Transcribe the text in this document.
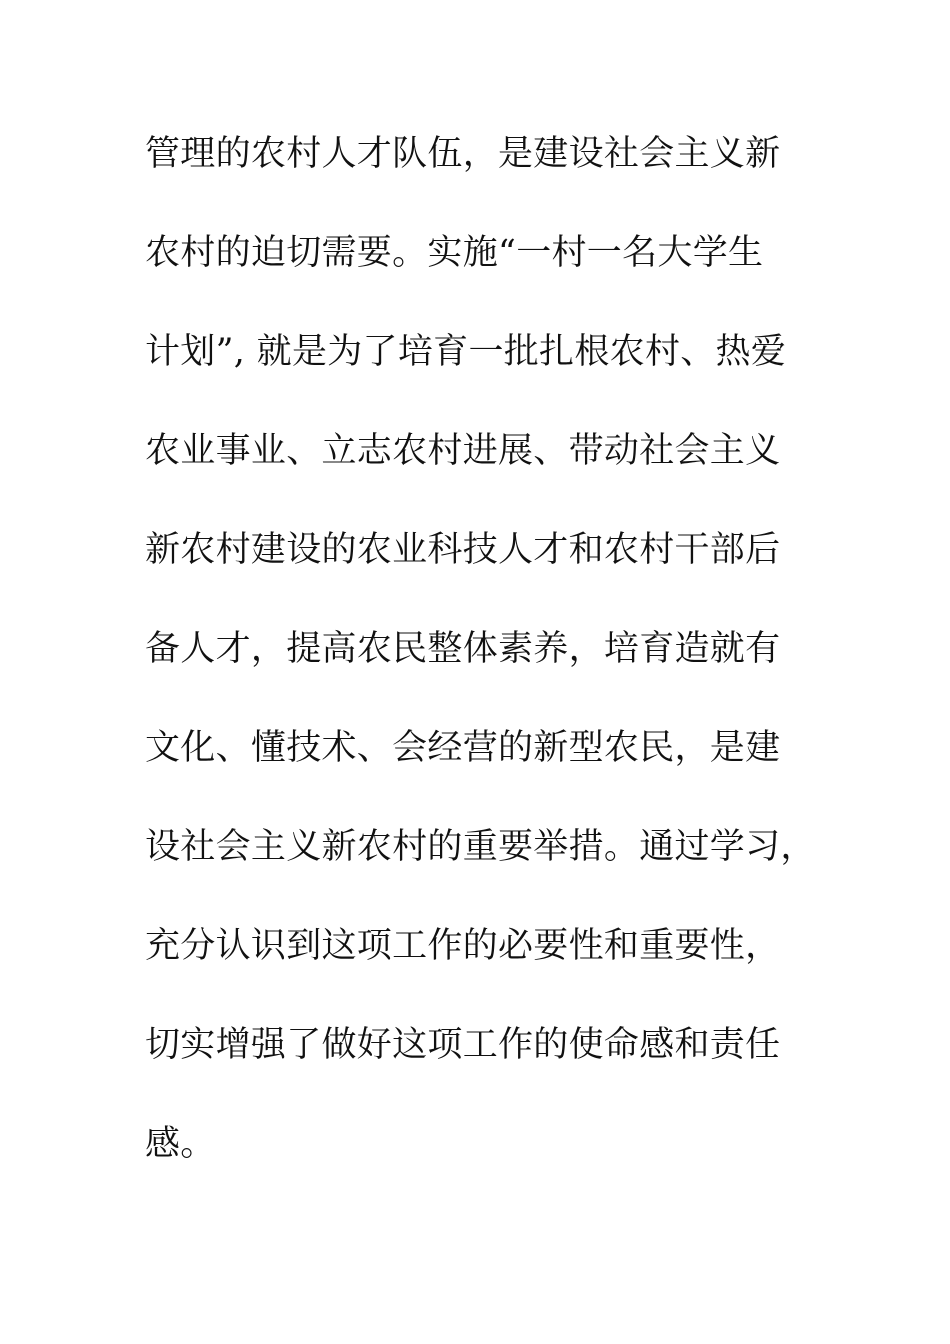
管理的农村人才队伍，是建设社会主义新
农村的迫切需要。实施“一村一名大学生
计划”, 就是为了培育一批扎根农村、热爱
农业事业、立志农村进展、带动社会主义
新农村建设的农业科技人才和农村干部后
备人才，提高农民整体素养，培育造就有
文化、懂技术、会经营的新型农民，是建
设社会主义新农村的重要举措。通过学习，
充分认识到这项工作的必要性和重要性，
切实增强了做好这项工作的使命感和责任
感。
